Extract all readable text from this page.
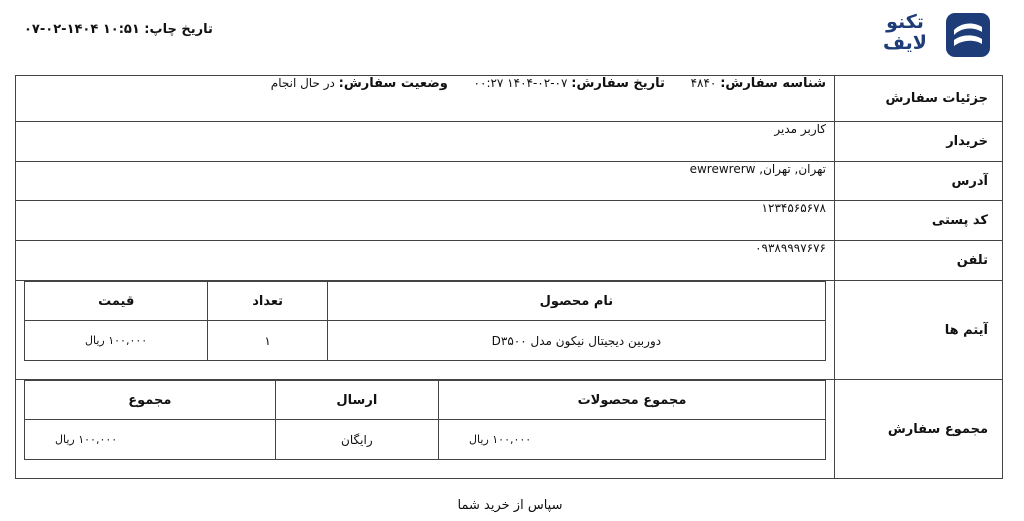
تاریخ چاپ: ۱۰:۵۱ ۱۴۰۴-۰۲-۰۷	تکنو
لایف
جزئیات سفارش	شناسه سفارش: ۴۸۴۰  تاریخ سفارش: ۰۰:۲۷ ۱۴۰۴-۰۲-۰۷  وضعیت سفارش: در حال انجام
خریدار	کاربر مدیر
آدرس	تهران, تهران, ewrewrerw
کد پستی	۱۲۳۴۵۶۵۶۷۸
تلفن	۰۹۳۸۹۹۹۷۶۷۶
آیتم ها	
نام محصول	تعداد	قیمت
دوربین دیجیتال نیکون مدل D۳۵۰۰	۱	۱۰۰,۰۰۰ ریال

مجموع سفارش	
مجموع محصولات	ارسال	مجموع
۱۰۰,۰۰۰ ریال	رایگان	۱۰۰,۰۰۰ ریال
سپاس از خرید شما
